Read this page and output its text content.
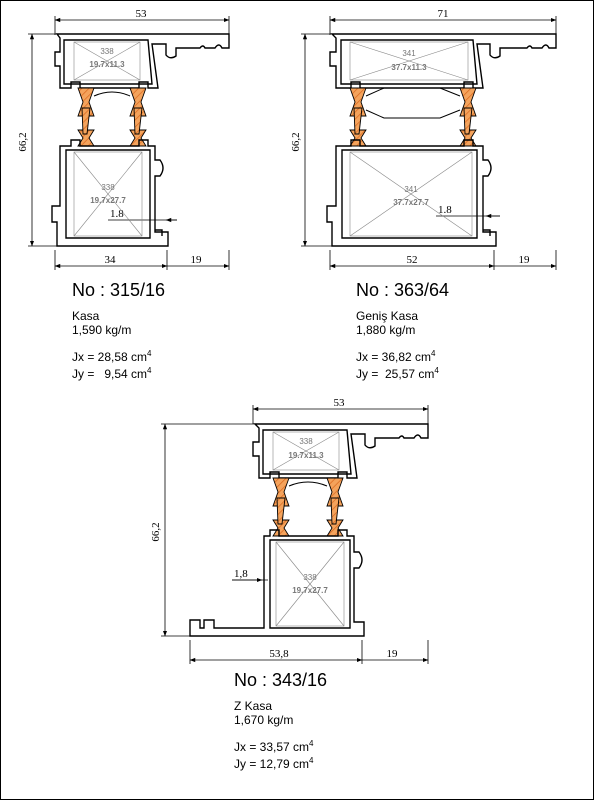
53
66,2
34	19
1.8
338
19.7x11.3
338
19.7x27.7
71
66,2
52	19
1.8
341
37.7x11.3
341
37.7x27.7
53
66,2
53,8	19
1,8
338
19.7x11.3
338
19.7x27.7
No : 315/16
Kasa
1,590 kg/m
Jx = 28,58 $cm^4$
Jy =   9,54 $cm^4$
No : 363/64
Geniş Kasa
1,880 kg/m
Jx = 36,82 $cm^4$
Jy =  25,57 $cm^4$
No : 343/16
Z Kasa
1,670 kg/m
Jx = 33,57 $cm^4$
Jy = 12,79 $cm^4$
